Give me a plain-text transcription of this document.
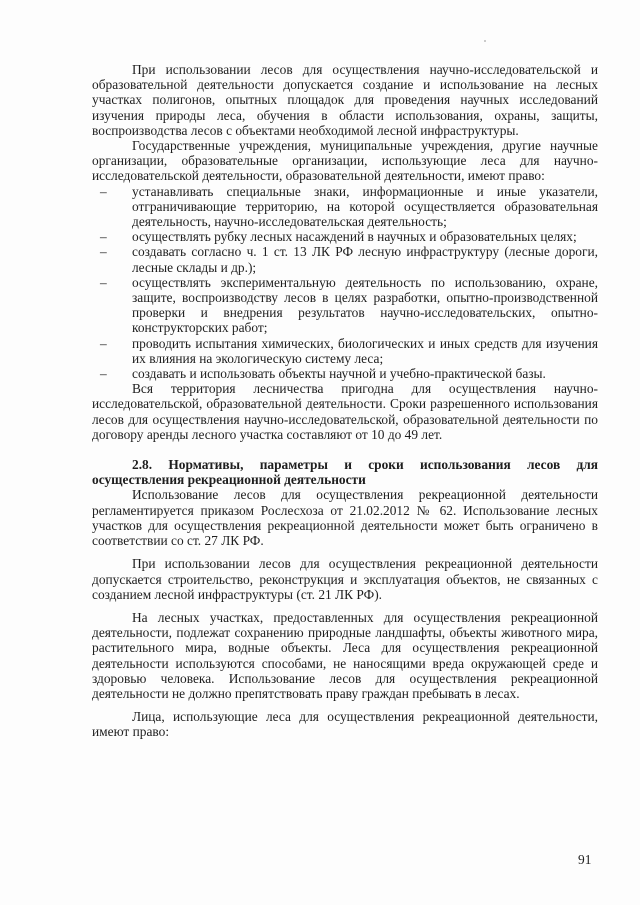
При использовании лесов для осуществления научно-исследовательской и образовательной деятельности допускается создание и использование на лесных участках полигонов, опытных площадок для проведения научных исследований изучения природы леса, обучения в области использования, охраны, защиты, воспроизводства лесов с объектами необходимой лесной инфраструктуры.

Государственные учреждения, муниципальные учреждения, другие научные организации, образовательные организации, использующие леса для научно-исследовательской деятельности, образовательной деятельности, имеют право:

–	устанавливать специальные знаки, информационные и иные указатели, отграничивающие территорию, на которой осуществляется образовательная деятельность, научно-исследовательская деятельность;

–	осуществлять рубку лесных насаждений в научных и образовательных целях;

–	создавать согласно ч. 1 ст. 13 ЛК РФ лесную инфраструктуру (лесные дороги, лесные склады и др.);

–	осуществлять экспериментальную деятельность по использованию, охране, защите, воспроизводству лесов в целях разработки, опытно-производственной проверки и внедрения результатов научно-исследовательских, опытно-конструкторских работ;

–	проводить испытания химических, биологических и иных средств для изучения их влияния на экологическую систему леса;

–	создавать и использовать объекты научной и учебно-практической базы.

Вся территория лесничества пригодна для осуществления научно-исследовательской, образовательной деятельности. Сроки разрешенного использования лесов для осуществления научно-исследовательской, образовательной деятельности по договору аренды лесного участка составляют от 10 до 49 лет.

2.8. Нормативы, параметры и сроки использования лесов для осуществления рекреационной деятельности

Использование лесов для осуществления рекреационной деятельности регламентируется приказом Рослесхоза от 21.02.2012 № 62. Использование лесных участков для осуществления рекреационной деятельности может быть ограничено в соответствии со ст. 27 ЛК РФ.

При использовании лесов для осуществления рекреационной деятельности допускается строительство, реконструкция и эксплуатация объектов, не связанных с созданием лесной инфраструктуры (ст. 21 ЛК РФ).

На лесных участках, предоставленных для осуществления рекреационной деятельности, подлежат сохранению природные ландшафты, объекты животного мира, растительного мира, водные объекты. Леса для осуществления рекреационной деятельности используются способами, не наносящими вреда окружающей среде и здоровью человека. Использование лесов для осуществления рекреационной деятельности не должно препятствовать праву граждан пребывать в лесах.

Лица, использующие леса для осуществления рекреационной деятельности, имеют право:

91
